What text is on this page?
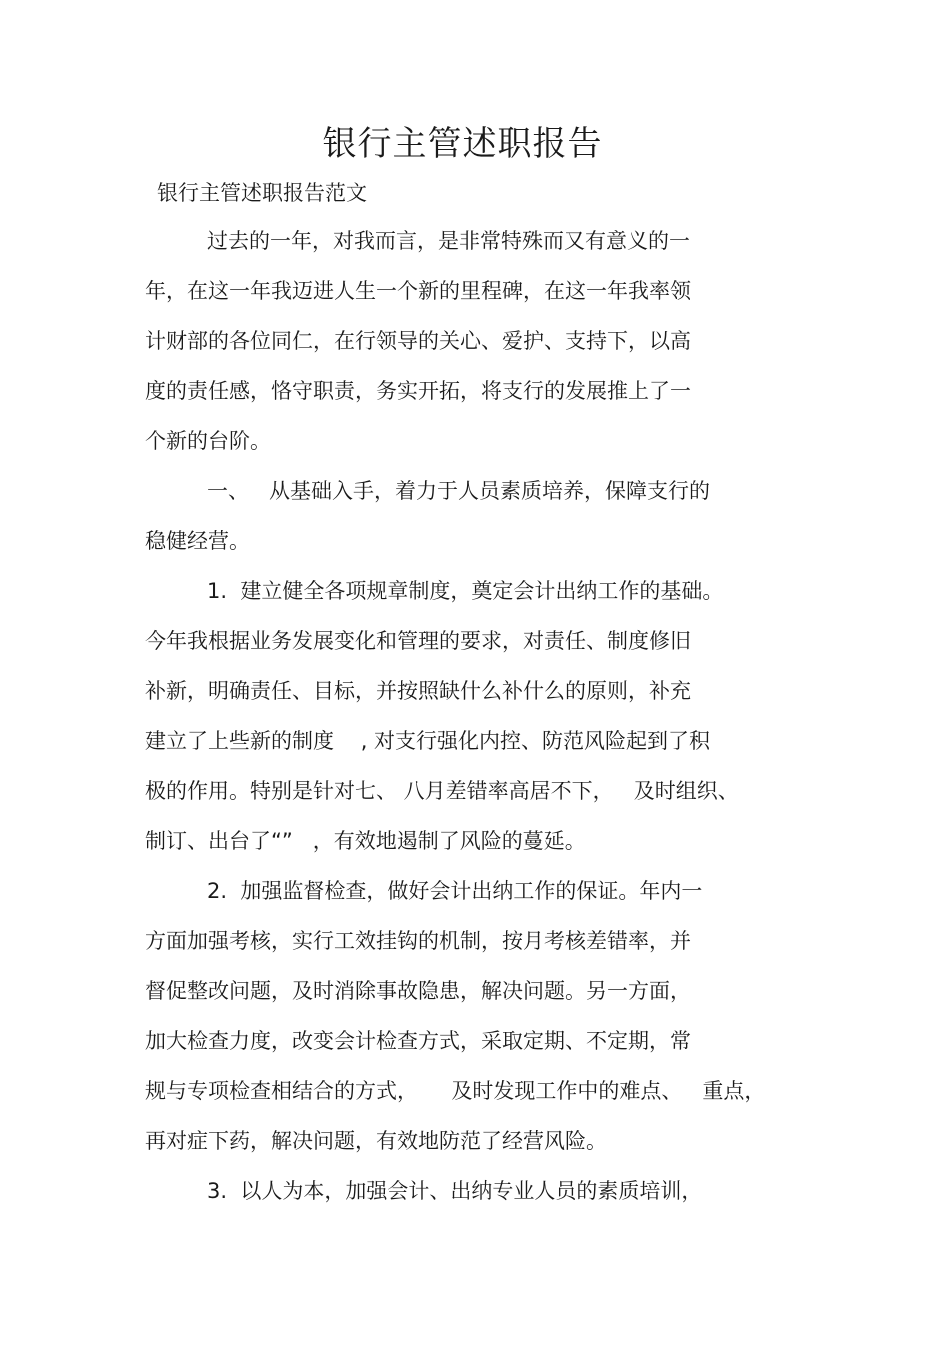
银行主管述职报告
银行主管述职报告范文
过去的一年，对我而言，是非常特殊而又有意义的一
年，在这一年我迈进人生一个新的里程碑，在这一年我率领
计财部的各位同仁，在行领导的关心、爱护、支持下，以高
度的责任感，恪守职责，务实开拓，将支行的发展推上了一
个新的台阶。
一、   从基础入手，着力于人员素质培养，保障支行的
稳健经营。
1.  建立健全各项规章制度，奠定会计出纳工作的基础。
今年我根据业务发展变化和管理的要求，对责任、制度修旧
补新，明确责任、目标，并按照缺什么补什么的原则，补充
建立了上些新的制度    , 对支行强化内控、防范风险起到了积
极的作用。特别是针对七、 八月差错率高居不下，   及时组织、
制订、出台了“”   ，有效地遏制了风险的蔓延。
2.  加强监督检查，做好会计出纳工作的保证。年内一
方面加强考核，实行工效挂钩的机制，按月考核差错率，并
督促整改问题，及时消除事故隐患，解决问题。另一方面，
加大检查力度，改变会计检查方式，采取定期、不定期，常
规与专项检查相结合的方式，     及时发现工作中的难点、   重点，
再对症下药，解决问题，有效地防范了经营风险。
3.  以人为本，加强会计、出纳专业人员的素质培训，
